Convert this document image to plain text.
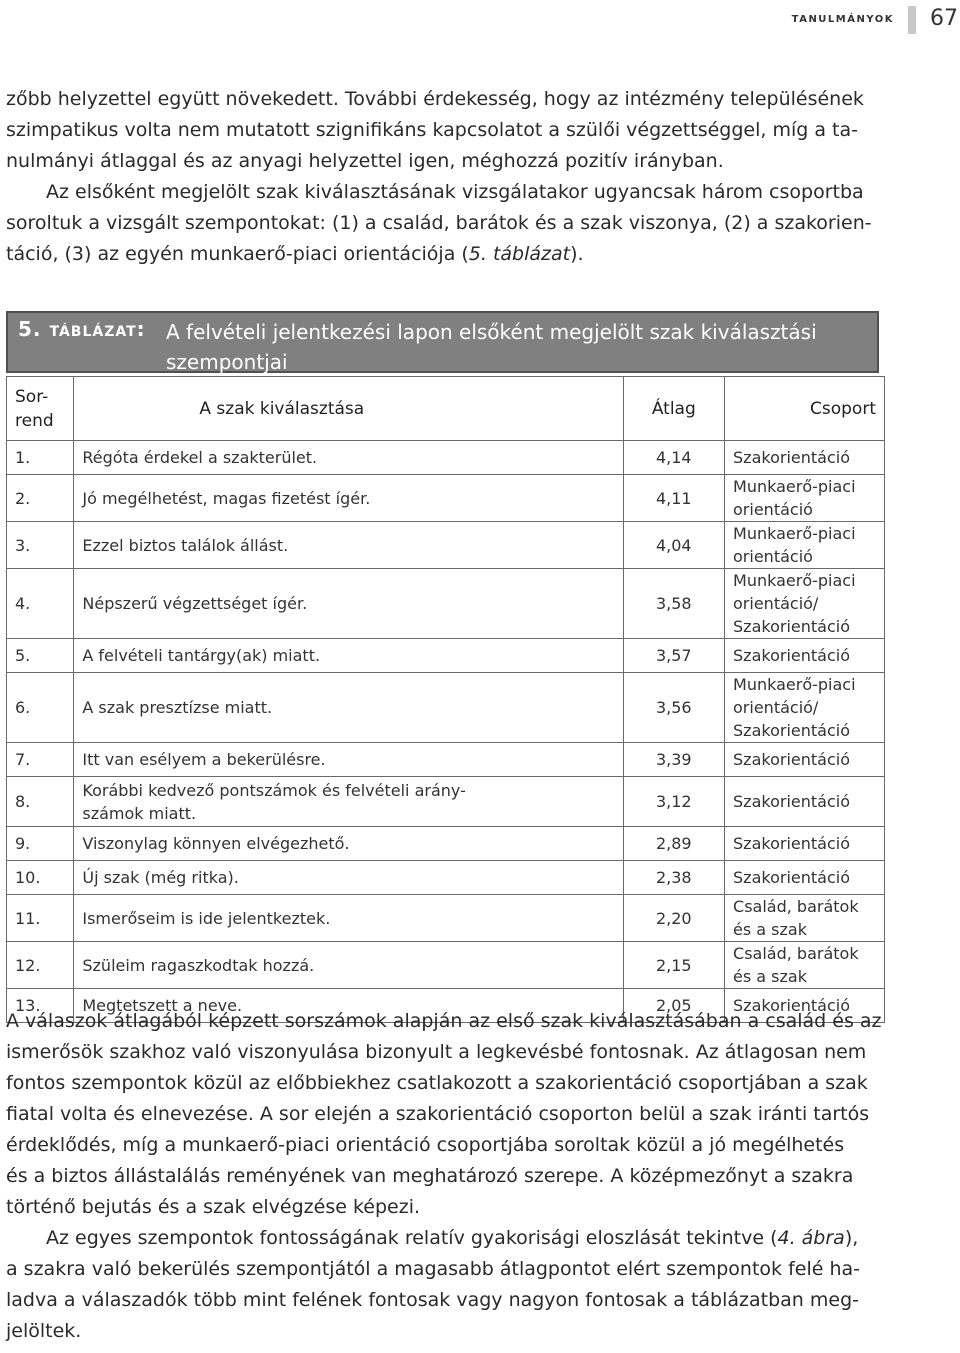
tanulmányok 67

zőbb helyzettel együtt növekedett. További érdekesség, hogy az intézmény településének

szimpatikus volta nem mutatott szignifikáns kapcsolatot a szülői végzettséggel, míg a ta-

nulmányi átlaggal és az anyagi helyzettel igen, méghozzá pozitív irányban.

Az elsőként megjelölt szak kiválasztásának vizsgálatakor ugyancsak három csoportba

soroltuk a vizsgált szempontokat: (1) a család, barátok és a szak viszonya, (2) a szakorien-

táció, (3) az egyén munkaerő-piaci orientációja (5. táblázat).

5. táblázat: A felvételi jelentkezési lapon elsőként megjelölt szak kiválasztási szempontjai
Sor-
rend	A szak kiválasztása	Átlag	Csoport
1.	Régóta érdekel a szakterület.	4,14	Szakorientáció

2.	Jó megélhetést, magas fizetést ígér.	4,11	Munkaerő-piaci orientáció

3.	Ezzel biztos találok állást.	4,04	Munkaerő-piaci orientáció

4.	Népszerű végzettséget ígér.	3,58	Munkaerő-piaci orientáció/
Szakorientáció

5.	A felvételi tantárgy(ak) miatt.	3,57	Szakorientáció

6.	A szak presztízse miatt.	3,56	Munkaerő-piaci orientáció/
Szakorientáció

7.	Itt van esélyem a bekerülésre.	3,39	Szakorientáció

8.	Korábbi kedvező pontszámok és felvételi arány-
számok miatt.	3,12	Szakorientáció

9.	Viszonylag könnyen elvégezhető.	2,89	Szakorientáció

10.	Új szak (még ritka).	2,38	Szakorientáció

11.	Ismerőseim is ide jelentkeztek.	2,20	Család, barátok és a szak

12.	Szüleim ragaszkodtak hozzá.	2,15	Család, barátok és a szak

13.	Megtetszett a neve.	2,05	Szakorientáció

A válaszok átlagából képzett sorszámok alapján az első szak kiválasztásában a család és az

ismerősök szakhoz való viszonyulása bizonyult a legkevésbé fontosnak. Az átlagosan nem

fontos szempontok közül az előbbiekhez csatlakozott a szakorientáció csoportjában a szak

fiatal volta és elnevezése. A sor elején a szakorientáció csoporton belül a szak iránti tartós

érdeklődés, míg a munkaerő-piaci orientáció csoportjába soroltak közül a jó megélhetés

és a biztos állástalálás reményének van meghatározó szerepe. A középmezőnyt a szakra

történő bejutás és a szak elvégzése képezi.

Az egyes szempontok fontosságának relatív gyakorisági eloszlását tekintve (4. ábra),

a szakra való bekerülés szempontjától a magasabb átlagpontot elért szempontok felé ha-

ladva a válaszadók több mint felének fontosak vagy nagyon fontosak a táblázatban meg-

jelöltek.
